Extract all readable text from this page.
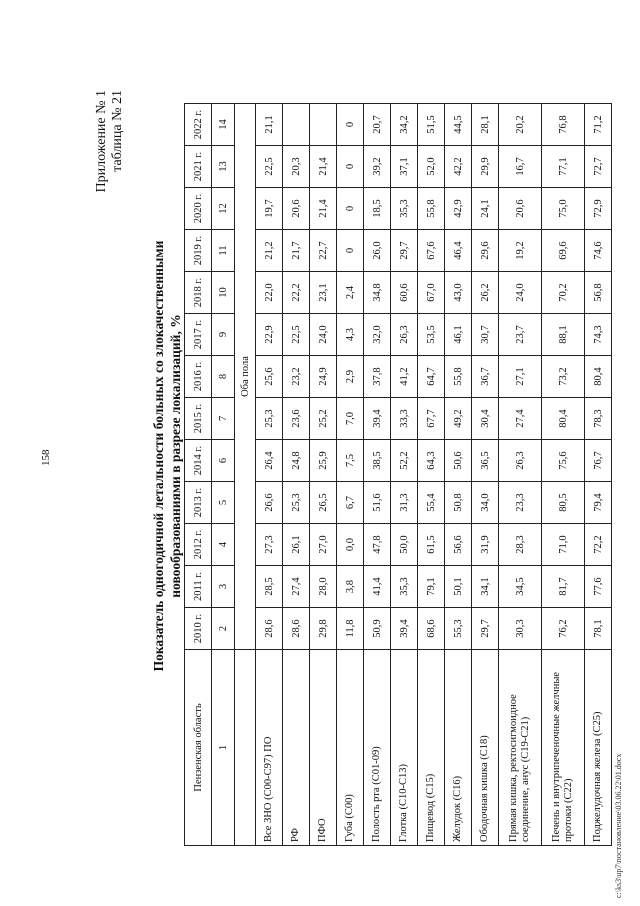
158
Приложение № 1 таблица № 21
Показатель одногодичной летальности больных со злокачественными новообразованиями в разрезе локализаций, %
Пензенская область	2010 г.	2011 г.	2012 г.	2013 г.	2014 г.	2015 г.	2016 г.	2017 г.	2018 г.	2019 г.	2020 г.	2021 г.	2022 г.
1	2	3	4	5	6	7	8	9	10	11	12	13	14
	Оба пола												
Все ЗНО (С00-С97) ПО	28,6	28,5	27,3	26,6	26,4	25,3	25,6	22,9	22,0	21,2	19,7	22,5	21,1
РФ	28,6	27,4	26,1	25,3	24,8	23,6	23,2	22,5	22,2	21,7	20,6	20,3	
ПФО	29,8	28,0	27,0	26,5	25,9	25,2	24,9	24,0	23,1	22,7	21,4	21,4	
Губа (С00)	11,8	3,8	0,0	6,7	7,5	7,0	2,9	4,3	2,4	0	0	0	0
Полость рта (С01-09)	50,9	41,4	47,8	51,6	38,5	39,4	37,8	32,0	34,8	26,0	18,5	39,2	20,7
Глотка (С10-С13)	39,4	35,3	50,0	31,3	52,2	33,3	41,2	26,3	60,6	29,7	35,3	37,1	34,2
Пищевод (С15)	68,6	79,1	61,5	55,4	64,3	67,7	64,7	53,5	67,0	67,6	55,8	52,0	51,5
Желудок (С16)	55,3	50,1	56,6	50,8	50,6	49,2	55,8	46,1	43,0	46,4	42,9	42,2	44,5
Ободочная кишка (С18)	29,7	34,1	31,9	34,0	36,5	30,4	36,7	30,7	26,2	29,6	24,1	29,9	28,1
Прямая кишка, ректосигмоидное соединение, анус (С19-С21)	30,3	34,5	28,3	23,3	26,3	27,4	27,1	23,7	24,0	19,2	20,6	16,7	20,2
Печень и внутрипеченочные желчные протоки (С22)	76,2	81,7	71,0	80,5	75,6	80,4	73,2	88,1	70,2	69,6	75,0	77,1	76,8
Поджелудочная железа (С25)	78,1	77,6	72,2	79,4	76,7	78,3	80,4	74,3	56,8	74,6	72,9	72,7	71,2
c:\ks3\up7\постановление\03.06.22\01.docx
